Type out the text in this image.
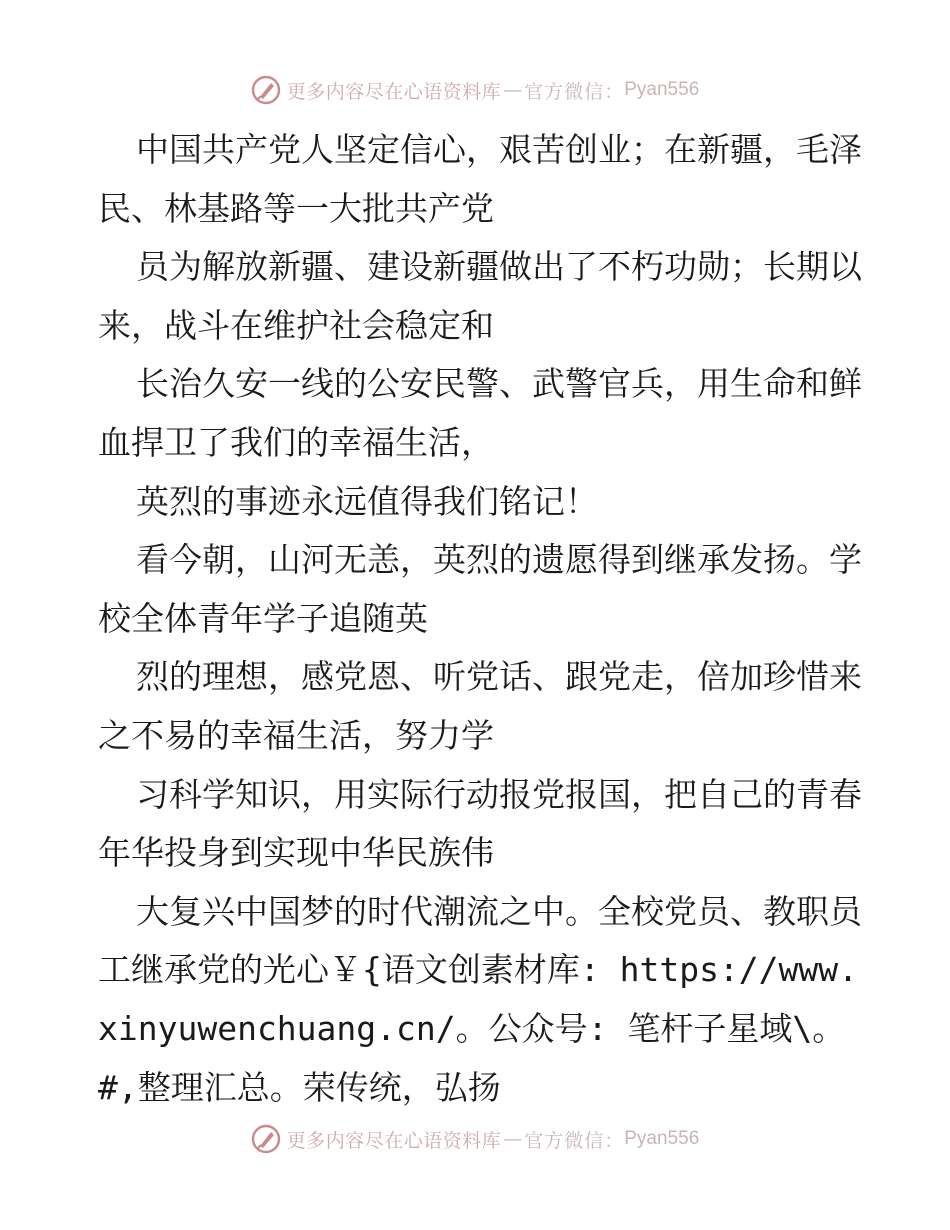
更多内容尽在心语资料库 — 官方微信： Pyan556

中国共产党人坚定信心，艰苦创业；在新疆，毛泽民、林基路等一大批共产党

员为解放新疆、建设新疆做出了不朽功勋；长期以来，战斗在维护社会稳定和

长治久安一线的公安民警、武警官兵，用生命和鲜血捍卫了我们的幸福生活，

英烈的事迹永远值得我们铭记！

看今朝，山河无恙，英烈的遗愿得到继承发扬。学校全体青年学子追随英

烈的理想，感党恩、听党话、跟党走，倍加珍惜来之不易的幸福生活，努力学

习科学知识，用实际行动报党报国，把自己的青春年华投身到实现中华民族伟

大复兴中国梦的时代潮流之中。全校党员、教职员工继承党的光心￥{语文创素材库: https://www.xinyuwenchuang.cn/。公众号: 笔杆子星域\。#,整理汇总。荣传统，弘扬

更多内容尽在心语资料库 — 官方微信： Pyan556
